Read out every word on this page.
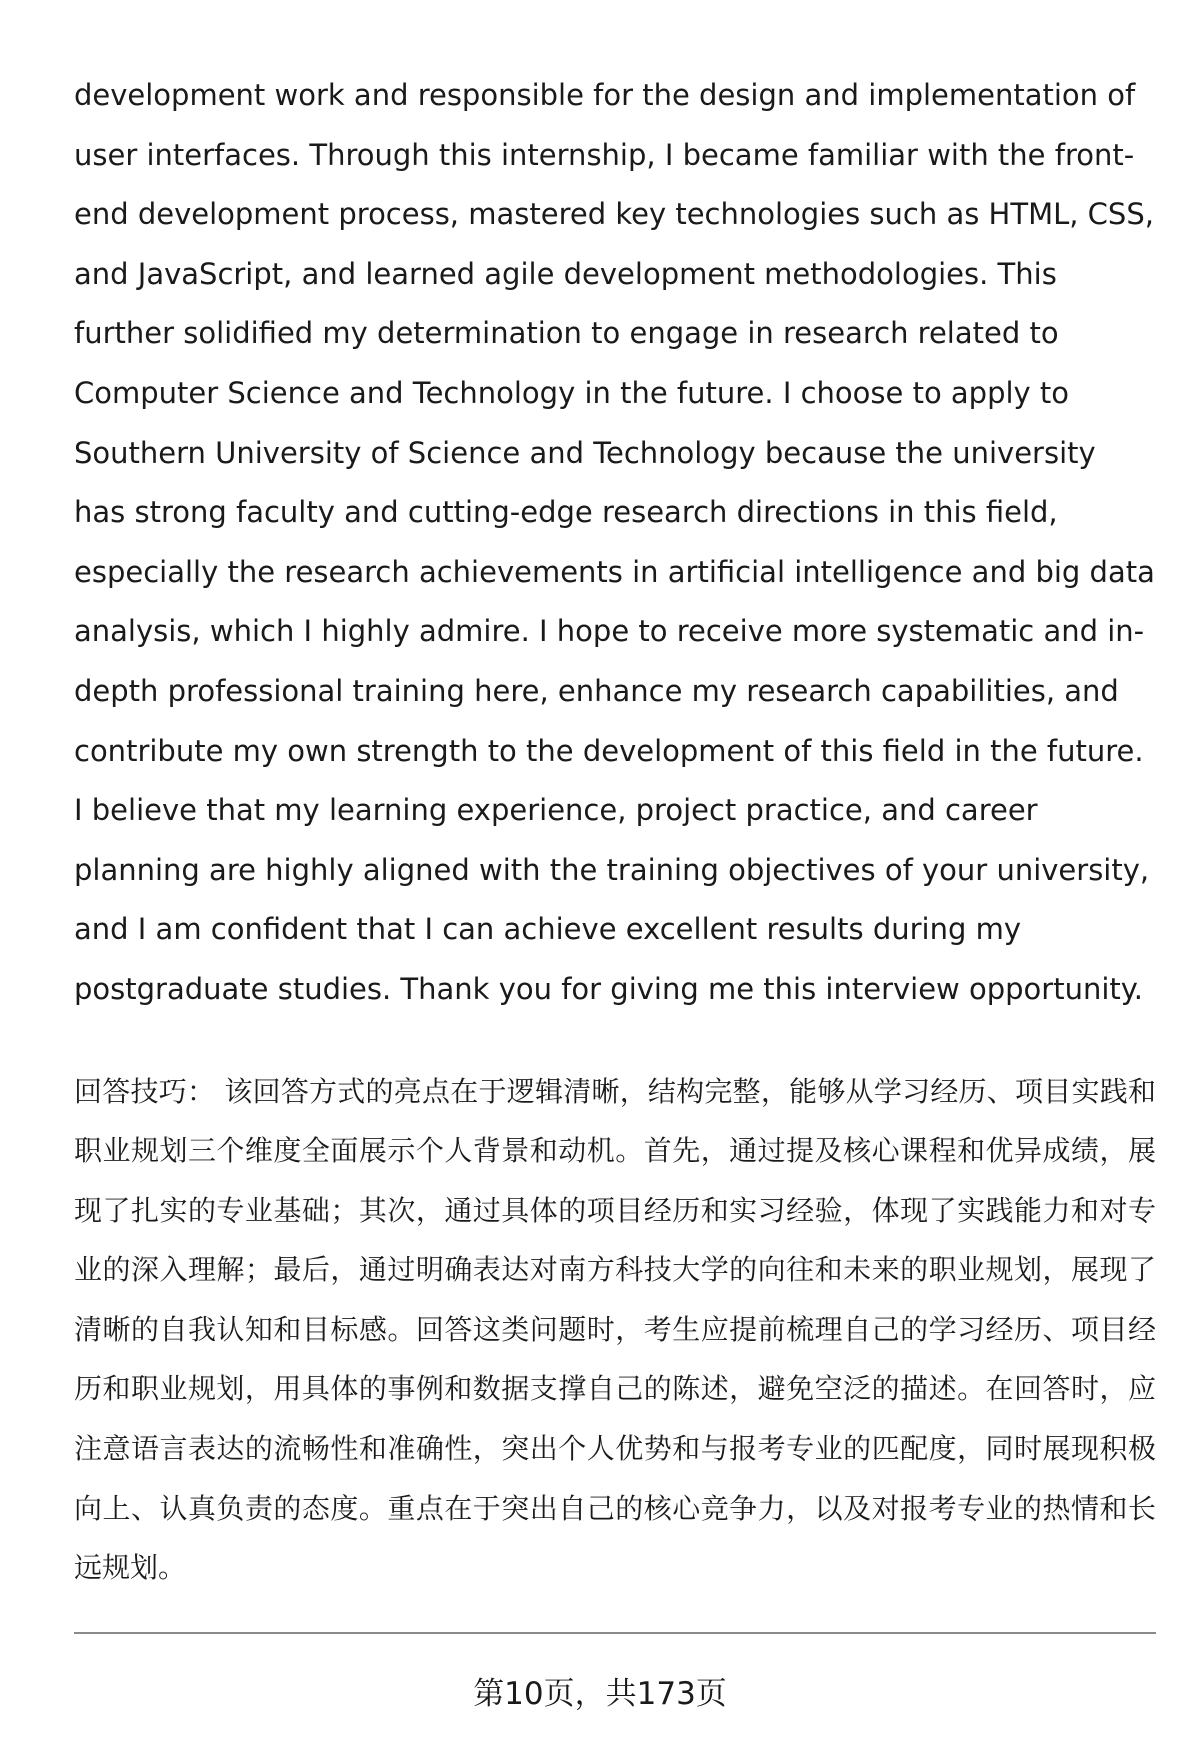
development work and responsible for the design and implementation of user interfaces. Through this internship, I became familiar with the front-end development process, mastered key technologies such as HTML, CSS, and JavaScript, and learned agile development methodologies. This further solidified my determination to engage in research related to Computer Science and Technology in the future. I choose to apply to Southern University of Science and Technology because the university has strong faculty and cutting-edge research directions in this field, especially the research achievements in artificial intelligence and big data analysis, which I highly admire. I hope to receive more systematic and in-depth professional training here, enhance my research capabilities, and contribute my own strength to the development of this field in the future. I believe that my learning experience, project practice, and career planning are highly aligned with the training objectives of your university, and I am confident that I can achieve excellent results during my postgraduate studies. Thank you for giving me this interview opportunity.

回答技巧： 该回答方式的亮点在于逻辑清晰，结构完整，能够从学习经历、项目实践和职业规划三个维度全面展示个人背景和动机。首先，通过提及核心课程和优异成绩，展现了扎实的专业基础；其次，通过具体的项目经历和实习经验，体现了实践能力和对专业的深入理解；最后，通过明确表达对南方科技大学的向往和未来的职业规划，展现了清晰的自我认知和目标感。回答这类问题时，考生应提前梳理自己的学习经历、项目经历和职业规划，用具体的事例和数据支撑自己的陈述，避免空泛的描述。在回答时，应注意语言表达的流畅性和准确性，突出个人优势和与报考专业的匹配度，同时展现积极向上、认真负责的态度。重点在于突出自己的核心竞争力，以及对报考专业的热情和长远规划。

第10页，共173页
